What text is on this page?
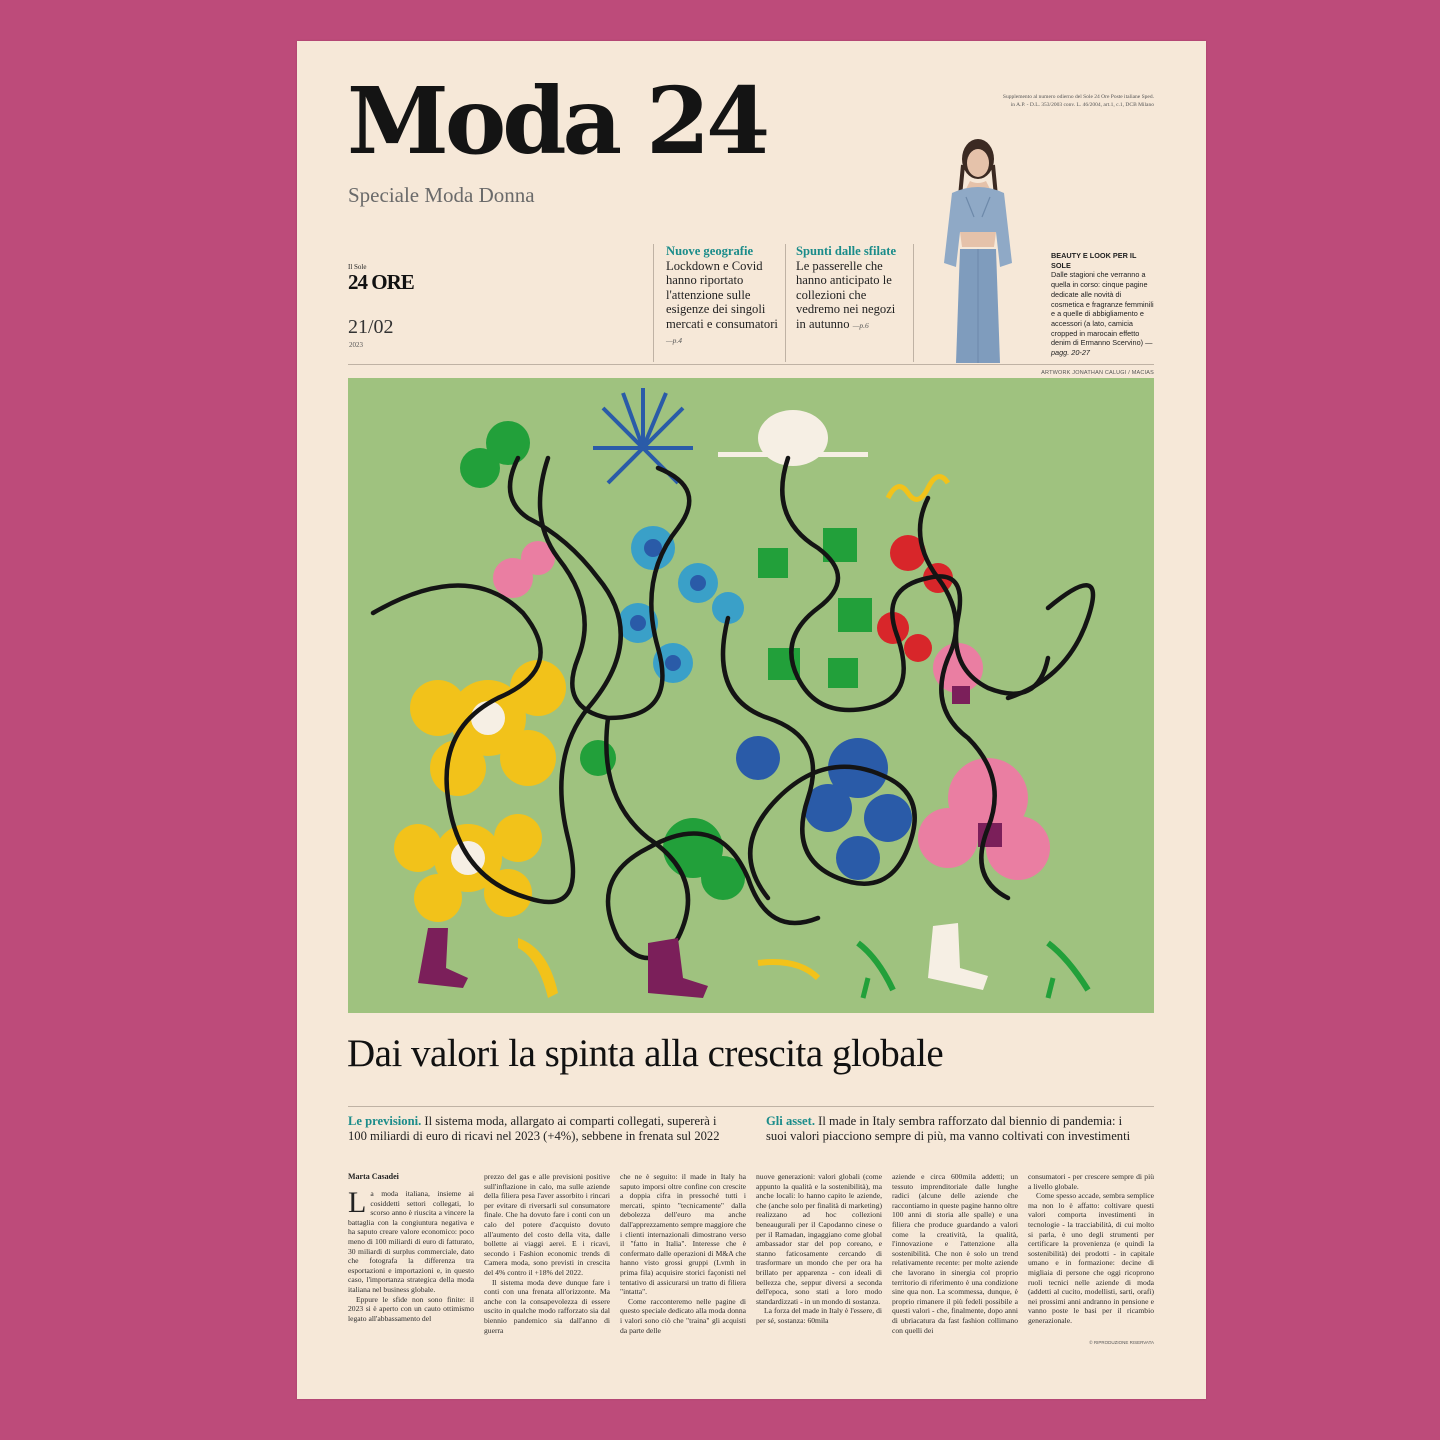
Moda 24
Speciale Moda Donna
Supplemento al numero odierno del Sole 24 Ore Poste italiane Sped. in A.P. - D.L. 353/2003 conv. L. 46/2004, art.1, c.1, DCB Milano
Il Sole
24 ORE
21/02
2023
Nuove geografie
Lockdown e Covid hanno riportato l'attenzione sulle esigenze dei singoli mercati e consumatori —p.4
Spunti dalle sfilate
Le passerelle che hanno anticipato le collezioni che vedremo nei negozi in autunno —p.6
BEAUTY E LOOK PER IL SOLE
Dalle stagioni che verranno a quella in corso: cinque pagine dedicate alle novità di cosmetica e fragranze femminili e a quelle di abbigliamento e accessori (a lato, camicia cropped in marocain effetto denim di Ermanno Scervino) — pagg. 20-27
ARTWORK JONATHAN CALUGI / MACIAS
Dai valori la spinta alla crescita globale
Le previsioni. Il sistema moda, allargato ai comparti collegati, supererà i 100 miliardi di euro di ricavi nel 2023 (+4%), sebbene in frenata sul 2022
Gli asset. Il made in Italy sembra rafforzato dal biennio di pandemia: i suoi valori piacciono sempre di più, ma vanno coltivati con investimenti
Marta Casadei

La moda italiana, insieme ai cosiddetti settori collegati, lo scorso anno è riuscita a vincere la battaglia con la congiuntura negativa e ha saputo creare valore economico: poco meno di 100 miliardi di euro di fatturato, 30 miliardi di surplus commerciale, dato che fotografa la differenza tra esportazioni e importazioni e, in questo caso, l'importanza strategica della moda italiana nel business globale.

Eppure le sfide non sono finite: il 2023 si è aperto con un cauto ottimismo legato all'abbassamento del

prezzo del gas e alle previsioni positive sull'inflazione in calo, ma sulle aziende della filiera pesa l'aver assorbito i rincari per evitare di riversarli sul consumatore finale. Che ha dovuto fare i conti con un calo del potere d'acquisto dovuto all'aumento del costo della vita, dalle bollette ai viaggi aerei. E i ricavi, secondo i Fashion economic trends di Camera moda, sono previsti in crescita del 4% contro il +18% del 2022.

Il sistema moda deve dunque fare i conti con una frenata all'orizzonte. Ma anche con la consapevolezza di essere uscito in qualche modo rafforzato sia dal biennio pandemico sia dall'anno di guerra

che ne è seguito: il made in Italy ha saputo imporsi oltre confine con crescite a doppia cifra in pressoché tutti i mercati, spinto "tecnicamente" dalla debolezza dell'euro ma anche dall'apprezzamento sempre maggiore che i clienti internazionali dimostrano verso il "fatto in Italia". Interesse che è confermato dalle operazioni di M&A che hanno visto grossi gruppi (Lvmh in prima fila) acquisire storici façonisti nel tentativo di assicurarsi un tratto di filiera "intatta".

Come racconteremo nelle pagine di questo speciale dedicato alla moda donna i valori sono ciò che "traina" gli acquisti da parte delle

nuove generazioni: valori globali (come appunto la qualità e la sostenibilità), ma anche locali: lo hanno capito le aziende, che (anche solo per finalità di marketing) realizzano ad hoc collezioni beneaugurali per il Capodanno cinese o per il Ramadan, ingaggiano come global ambassador star del pop coreano, e stanno faticosamente cercando di trasformare un mondo che per ora ha brillato per apparenza - con ideali di bellezza che, seppur diversi a seconda dell'epoca, sono stati a loro modo standardizzati - in un mondo di sostanza.

La forza del made in Italy è l'essere, di per sé, sostanza: 60mila

aziende e circa 600mila addetti; un tessuto imprenditoriale dalle lunghe radici (alcune delle aziende che raccontiamo in queste pagine hanno oltre 100 anni di storia alle spalle) e una filiera che produce guardando a valori come la creatività, la qualità, l'innovazione e l'attenzione alla sostenibilità. Che non è solo un trend relativamente recente: per molte aziende che lavorano in sinergia col proprio territorio di riferimento è una condizione sine qua non. La scommessa, dunque, è proprio rimanere il più fedeli possibile a questi valori - che, finalmente, dopo anni di ubriacatura da fast fashion collimano con quelli dei

consumatori - per crescere sempre di più a livello globale.

Come spesso accade, sembra semplice ma non lo è affatto: coltivare questi valori comporta investimenti in tecnologie - la tracciabilità, di cui molto si parla, è uno degli strumenti per certificare la provenienza (e quindi la sostenibilità) dei prodotti - in capitale umano e in formazione: decine di migliaia di persone che oggi ricoprono ruoli tecnici nelle aziende di moda (addetti al cucito, modellisti, sarti, orafi) nei prossimi anni andranno in pensione e vanno poste le basi per il ricambio generazionale.

© RIPRODUZIONE RISERVATA
